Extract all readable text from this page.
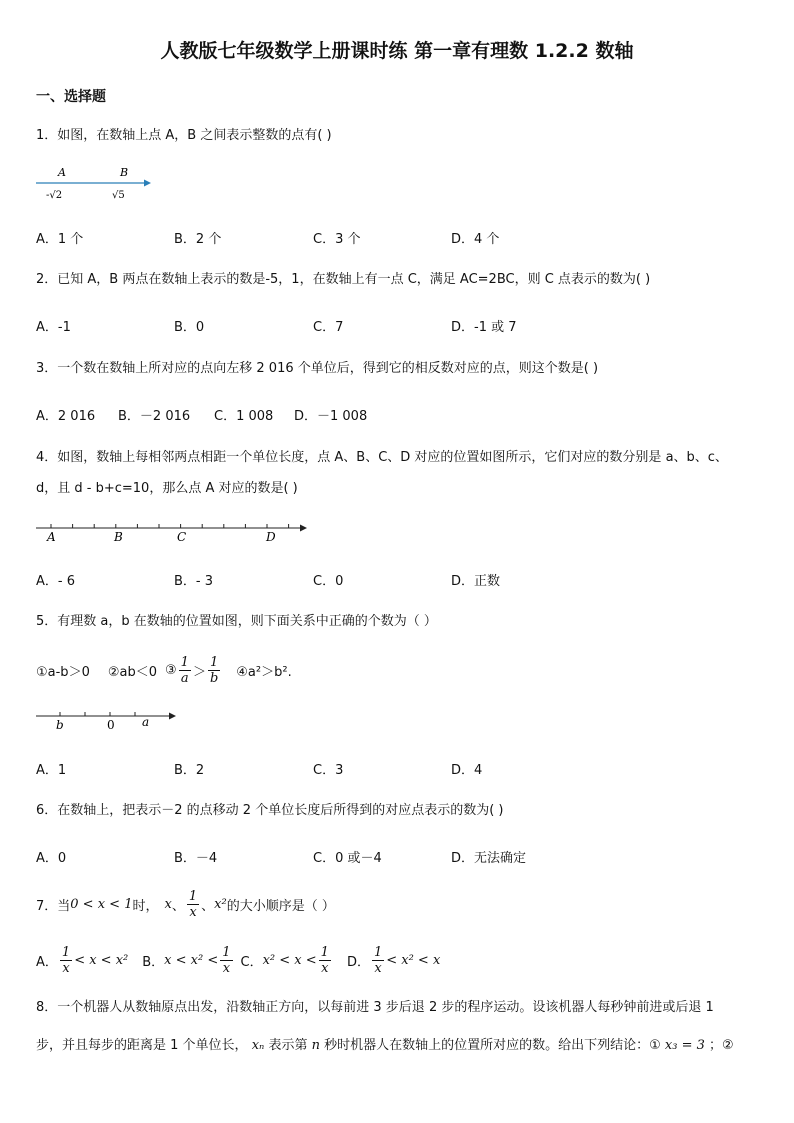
人教版七年级数学上册课时练 第一章有理数 1.2.2 数轴
一、选择题
1．如图，在数轴上点 A，B 之间表示整数的点有( )
A	B
-√2	√5
A．1 个	B．2 个	C．3 个	D．4 个
2．已知 A，B 两点在数轴上表示的数是-5，1，在数轴上有一点 C，满足 AC=2BC，则 C 点表示的数为( )
A．-1	B．0	C．7	D．-1 或 7
3．一个数在数轴上所对应的点向左移 2 016 个单位后，得到它的相反数对应的点，则这个数是( )
A．2 016 B．－2 016 C．1 008 D．－1 008
4．如图，数轴上每相邻两点相距一个单位长度，点 A、B、C、D 对应的位置如图所示，它们对应的数分别是 a、b、c、
d，且 d - b+c=10，那么点 A 对应的数是( )
A	B	C	D
A．- 6	B．- 3	C．0	D．正数
5．有理数 a，b 在数轴的位置如图，则下面关系中正确的个数为（ ）
①a-b＞0 ②ab＜0 ③ $\frac{1}{a} > \frac{1}{b}$ ④a²＞b².
b	0 a
A．1	B．2	C．3	D．4
6．在数轴上，把表示－2 的点移动 2 个单位长度后所得到的对应点表示的数为( )
A．0	B．－4	C．0 或－4	D．无法确定
7．当 0 < x < 1 时， x 、 $\frac{1}{x}$ 、 x² 的大小顺序是（ ）
A． $\frac{1}{x} < x < x^2$ B． $x < x^2 < \frac{1}{x}$ C． $x^2 < x < \frac{1}{x}$ D． $\frac{1}{x} < x^2 < x$
8．一个机器人从数轴原点出发，沿数轴正方向，以每前进 3 步后退 2 步的程序运动。设该机器人每秒钟前进或后退 1
步，并且每步的距离是 1 个单位长， xₙ 表示第 n 秒时机器人在数轴上的位置所对应的数。给出下列结论：① x₃ = 3 ；②
